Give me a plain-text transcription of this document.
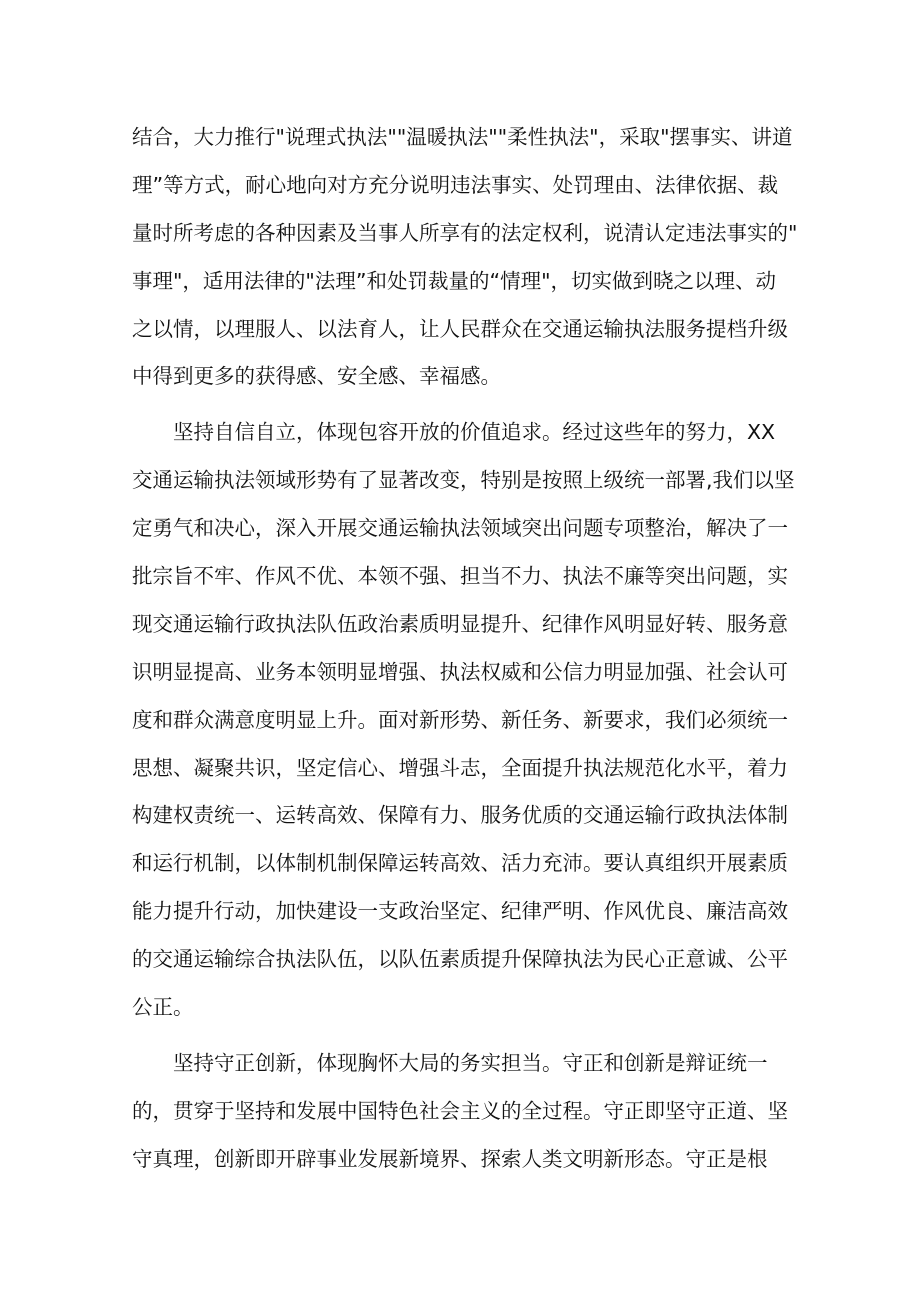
结合，大力推行"说理式执法""温暖执法""柔性执法"，采取"摆事实、讲道
理”等方式，耐心地向对方充分说明违法事实、处罚理由、法律依据、裁
量时所考虑的各种因素及当事人所享有的法定权利，说清认定违法事实的"
事理"，适用法律的"法理”和处罚裁量的“情理"，切实做到晓之以理、动
之以情，以理服人、以法育人，让人民群众在交通运输执法服务提档升级
中得到更多的获得感、安全感、幸福感。
坚持自信自立，体现包容开放的价值追求。经过这些年的努力，XX
交通运输执法领域形势有了显著改变，特别是按照上级统一部署,我们以坚
定勇气和决心，深入开展交通运输执法领域突出问题专项整治，解决了一
批宗旨不牢、作风不优、本领不强、担当不力、执法不廉等突出问题，实
现交通运输行政执法队伍政治素质明显提升、纪律作风明显好转、服务意
识明显提高、业务本领明显增强、执法权威和公信力明显加强、社会认可
度和群众满意度明显上升。面对新形势、新任务、新要求，我们必须统一
思想、凝聚共识，坚定信心、增强斗志，全面提升执法规范化水平，着力
构建权责统一、运转高效、保障有力、服务优质的交通运输行政执法体制
和运行机制，以体制机制保障运转高效、活力充沛。要认真组织开展素质
能力提升行动，加快建设一支政治坚定、纪律严明、作风优良、廉洁高效
的交通运输综合执法队伍，以队伍素质提升保障执法为民心正意诚、公平
公正。
坚持守正创新，体现胸怀大局的务实担当。守正和创新是辩证统一
的，贯穿于坚持和发展中国特色社会主义的全过程。守正即坚守正道、坚
守真理，创新即开辟事业发展新境界、探索人类文明新形态。守正是根
